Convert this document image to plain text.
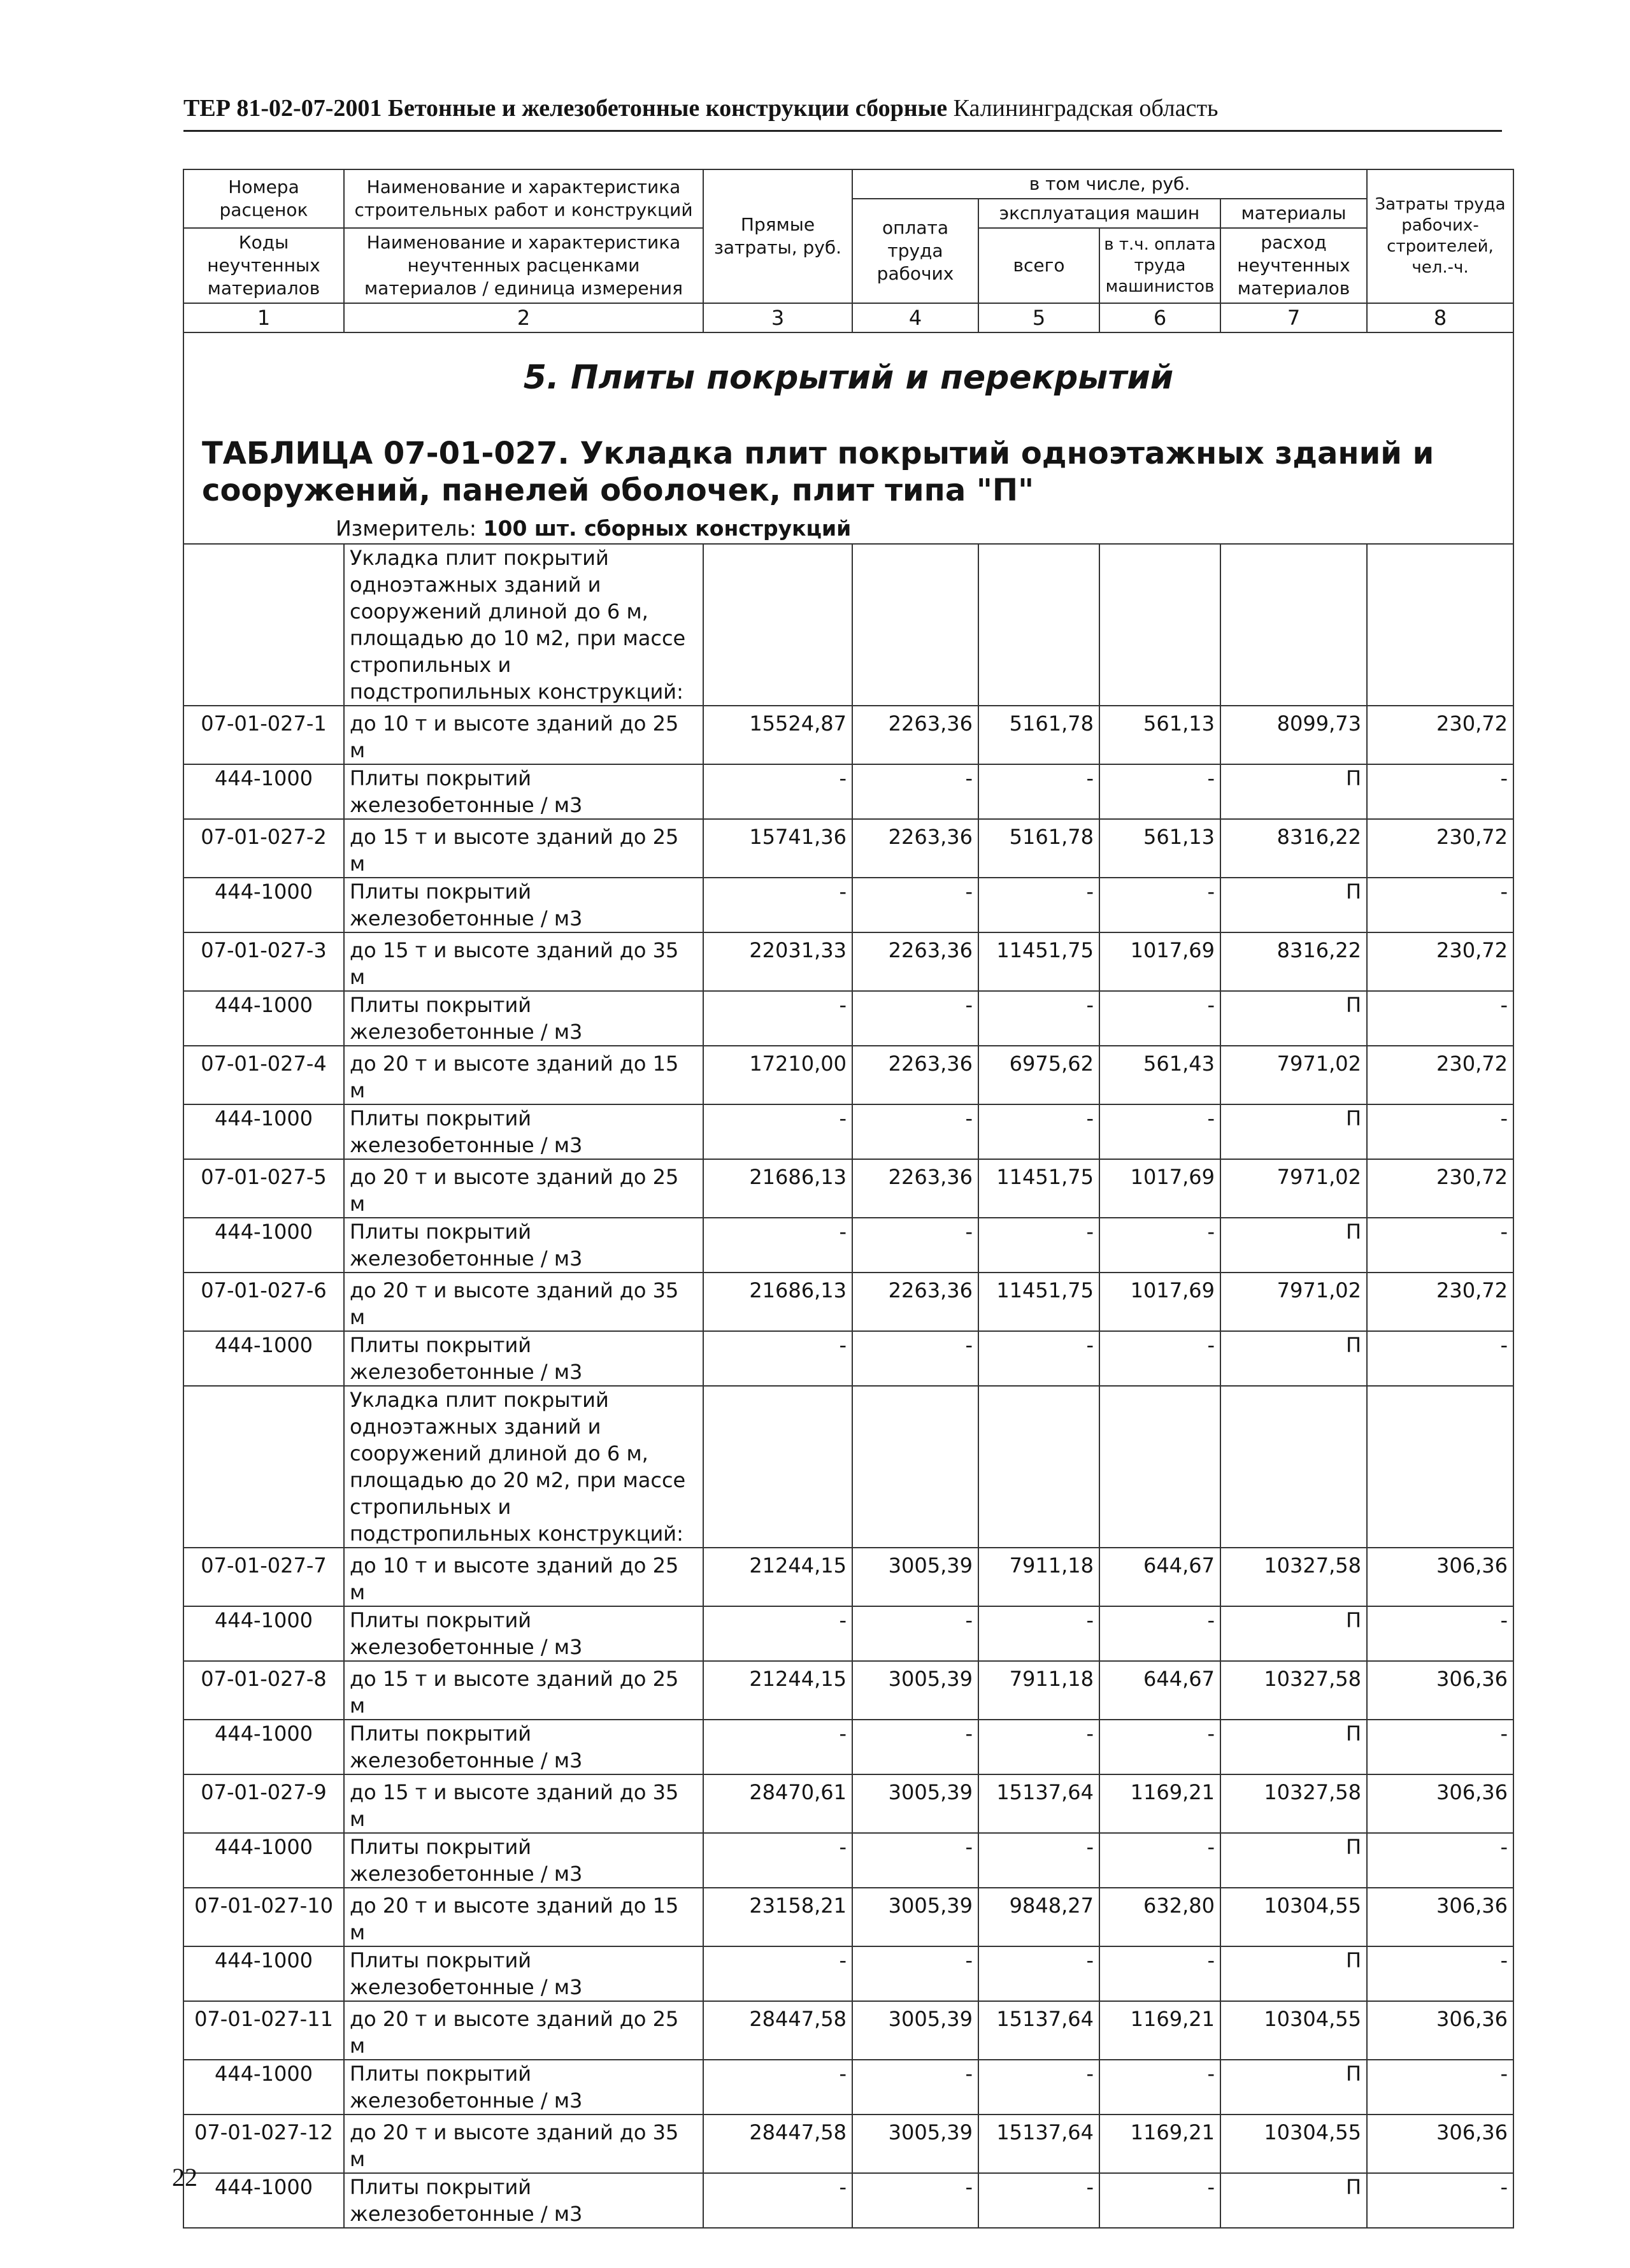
ТЕР 81-02-07-2001 Бетонные и железобетонные конструкции сборные Калининградская область
Номера расценок	Наименование и характеристика строительных работ и конструкций	Прямые затраты, руб.	в том числе, руб.				Затраты труда рабочих-строителей, чел.-ч.
			оплата труда рабочих	эксплуатация машин		материалы	
Коды неучтенных материалов	Наименование и характеристика неучтенных расценками материалов / единица измерения			всего	в т.ч. оплата труда машинистов	расход неучтенных материалов	

1	2	3	4	5	6	7	8

5. Плиты покрытий и перекрытий
ТАБЛИЦА 07-01-027. Укладка плит покрытий одноэтажных зданий и сооружений, панелей оболочек, плит типа "П"
Измеритель: 100 шт. сборных конструкций							

	Укладка плит покрытий одноэтажных зданий и сооружений длиной до 6 м, площадью до 10 м2, при массе стропильных и подстропильных конструкций:						
07-01-027-1	до 10 т и высоте зданий до 25 м	15524,87	2263,36	5161,78	561,13	8099,73	230,72
444-1000	Плиты покрытий железобетонные / м3	-	-	-	-	П	-
07-01-027-2	до 15 т и высоте зданий до 25 м	15741,36	2263,36	5161,78	561,13	8316,22	230,72
444-1000	Плиты покрытий железобетонные / м3	-	-	-	-	П	-
07-01-027-3	до 15 т и высоте зданий до 35 м	22031,33	2263,36	11451,75	1017,69	8316,22	230,72
444-1000	Плиты покрытий железобетонные / м3	-	-	-	-	П	-
07-01-027-4	до 20 т и высоте зданий до 15 м	17210,00	2263,36	6975,62	561,43	7971,02	230,72
444-1000	Плиты покрытий железобетонные / м3	-	-	-	-	П	-
07-01-027-5	до 20 т и высоте зданий до 25 м	21686,13	2263,36	11451,75	1017,69	7971,02	230,72
444-1000	Плиты покрытий железобетонные / м3	-	-	-	-	П	-
07-01-027-6	до 20 т и высоте зданий до 35 м	21686,13	2263,36	11451,75	1017,69	7971,02	230,72
444-1000	Плиты покрытий железобетонные / м3	-	-	-	-	П	-
	Укладка плит покрытий одноэтажных зданий и сооружений длиной до 6 м, площадью до 20 м2, при массе стропильных и подстропильных конструкций:						
07-01-027-7	до 10 т и высоте зданий до 25 м	21244,15	3005,39	7911,18	644,67	10327,58	306,36
444-1000	Плиты покрытий железобетонные / м3	-	-	-	-	П	-
07-01-027-8	до 15 т и высоте зданий до 25 м	21244,15	3005,39	7911,18	644,67	10327,58	306,36
444-1000	Плиты покрытий железобетонные / м3	-	-	-	-	П	-
07-01-027-9	до 15 т и высоте зданий до 35 м	28470,61	3005,39	15137,64	1169,21	10327,58	306,36
444-1000	Плиты покрытий железобетонные / м3	-	-	-	-	П	-
07-01-027-10	до 20 т и высоте зданий до 15 м	23158,21	3005,39	9848,27	632,80	10304,55	306,36
444-1000	Плиты покрытий железобетонные / м3	-	-	-	-	П	-
07-01-027-11	до 20 т и высоте зданий до 25 м	28447,58	3005,39	15137,64	1169,21	10304,55	306,36
444-1000	Плиты покрытий железобетонные / м3	-	-	-	-	П	-
07-01-027-12	до 20 т и высоте зданий до 35 м	28447,58	3005,39	15137,64	1169,21	10304,55	306,36
444-1000	Плиты покрытий железобетонные / м3	-	-	-	-	П	-
22
